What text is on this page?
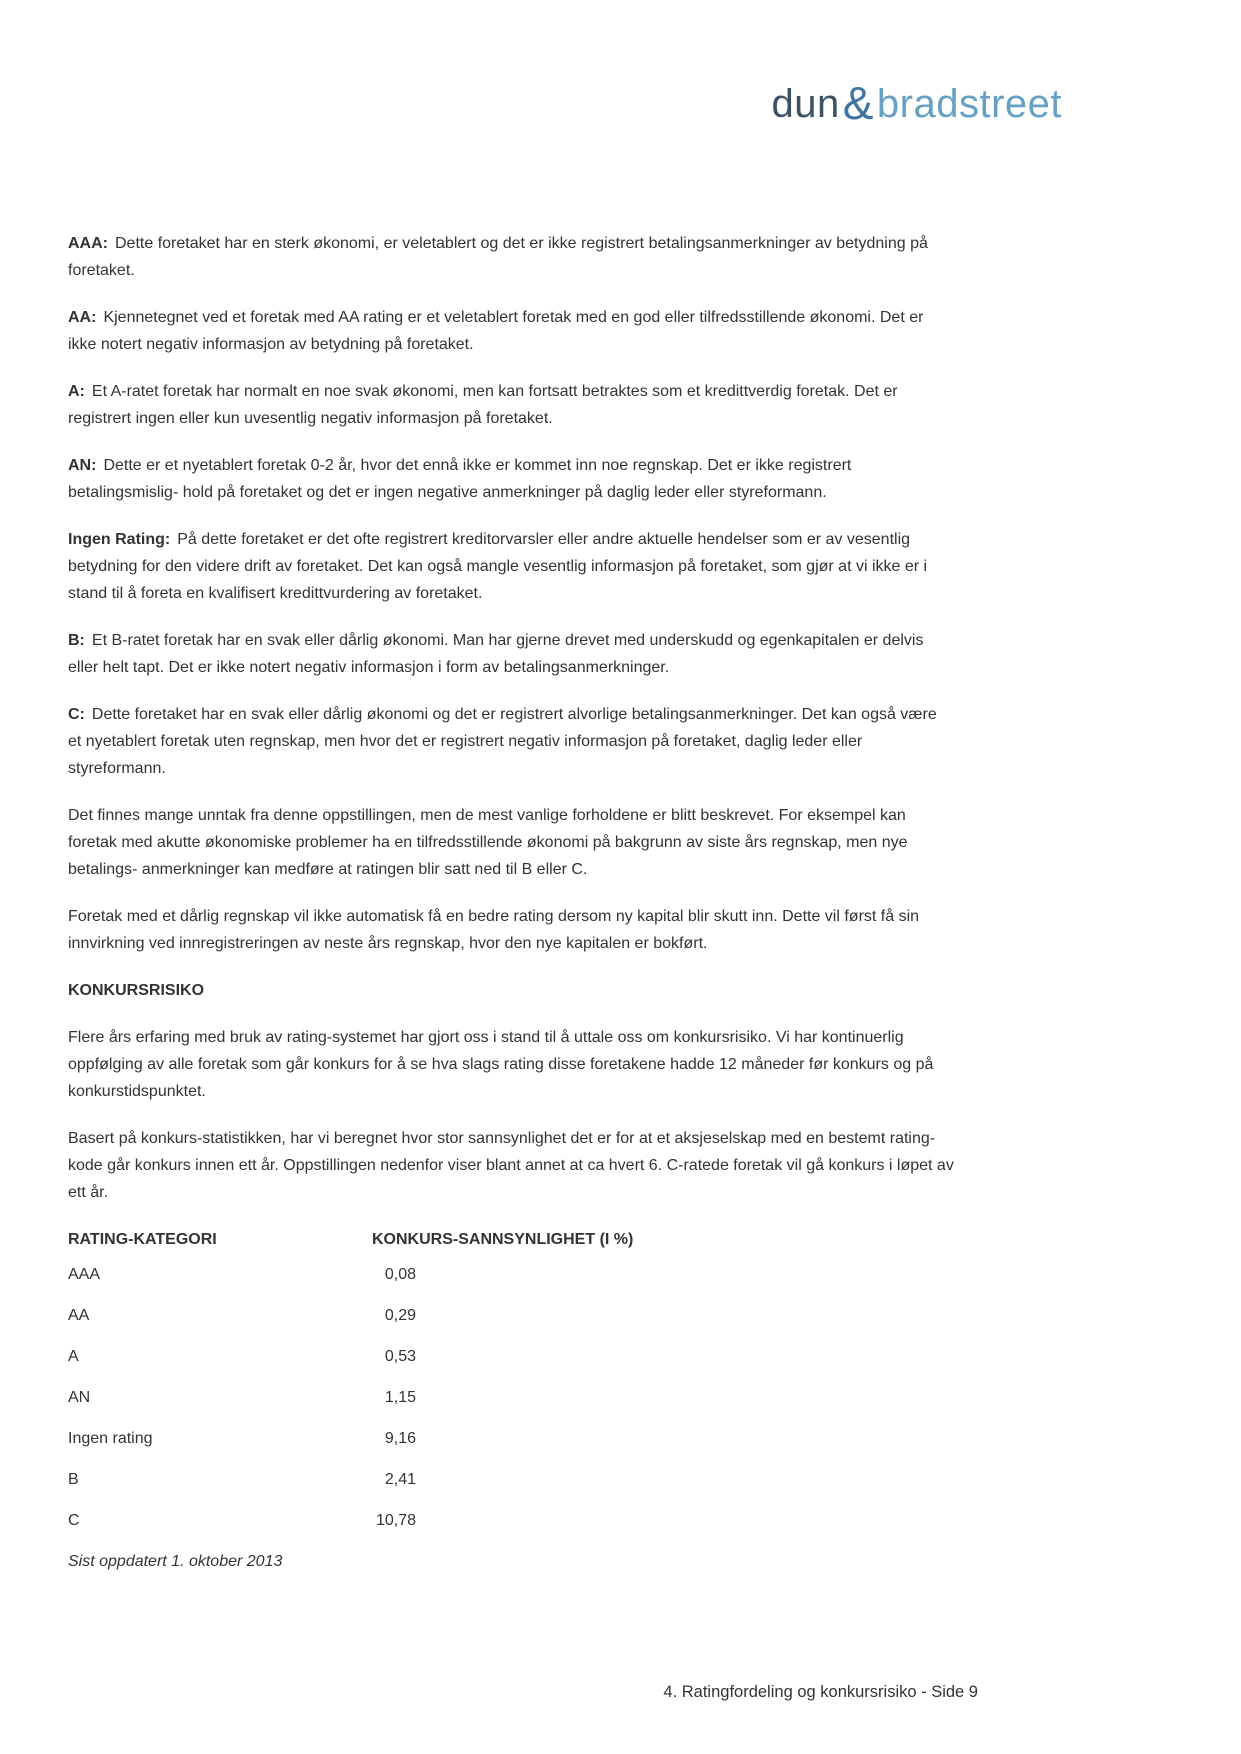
dun&bradstreet

AAA: Dette foretaket har en sterk økonomi, er veletablert og det er ikke registrert betalingsanmerkninger av betydning på foretaket.

AA: Kjennetegnet ved et foretak med AA rating er et veletablert foretak med en god eller tilfredsstillende økonomi. Det er ikke notert negativ informasjon av betydning på foretaket.

A: Et A-ratet foretak har normalt en noe svak økonomi, men kan fortsatt betraktes som et kredittverdig foretak. Det er registrert ingen eller kun uvesentlig negativ informasjon på foretaket.

AN: Dette er et nyetablert foretak 0-2 år, hvor det ennå ikke er kommet inn noe regnskap. Det er ikke registrert betalingsmislig- hold på foretaket og det er ingen negative anmerkninger på daglig leder eller styreformann.

Ingen Rating: På dette foretaket er det ofte registrert kreditorvarsler eller andre aktuelle hendelser som er av vesentlig betydning for den videre drift av foretaket. Det kan også mangle vesentlig informasjon på foretaket, som gjør at vi ikke er i stand til å foreta en kvalifisert kredittvurdering av foretaket.

B: Et B-ratet foretak har en svak eller dårlig økonomi. Man har gjerne drevet med underskudd og egenkapitalen er delvis eller helt tapt. Det er ikke notert negativ informasjon i form av betalingsanmerkninger.

C: Dette foretaket har en svak eller dårlig økonomi og det er registrert alvorlige betalingsanmerkninger. Det kan også være et nyetablert foretak uten regnskap, men hvor det er registrert negativ informasjon på foretaket, daglig leder eller styreformann.

Det finnes mange unntak fra denne oppstillingen, men de mest vanlige forholdene er blitt beskrevet. For eksempel kan foretak med akutte økonomiske problemer ha en tilfredsstillende økonomi på bakgrunn av siste års regnskap, men nye betalings- anmerkninger kan medføre at ratingen blir satt ned til B eller C.

Foretak med et dårlig regnskap vil ikke automatisk få en bedre rating dersom ny kapital blir skutt inn. Dette vil først få sin innvirkning ved innregistreringen av neste års regnskap, hvor den nye kapitalen er bokført.

KONKURSRISIKO

Flere års erfaring med bruk av rating-systemet har gjort oss i stand til å uttale oss om konkursrisiko. Vi har kontinuerlig oppfølging av alle foretak som går konkurs for å se hva slags rating disse foretakene hadde 12 måneder før konkurs og på konkurstidspunktet.

Basert på konkurs-statistikken, har vi beregnet hvor stor sannsynlighet det er for at et aksjeselskap med en bestemt rating-kode går konkurs innen ett år. Oppstillingen nedenfor viser blant annet at ca hvert 6. C-ratede foretak vil gå konkurs i løpet av ett år.

RATING-KATEGORI	KONKURS-SANNSYNLIGHET (I %)
AAA	0,08
AA	0,29
A	0,53
AN	1,15
Ingen rating	9,16
B	2,41
C	10,78

Sist oppdatert 1. oktober 2013

4. Ratingfordeling og konkursrisiko - Side 9
